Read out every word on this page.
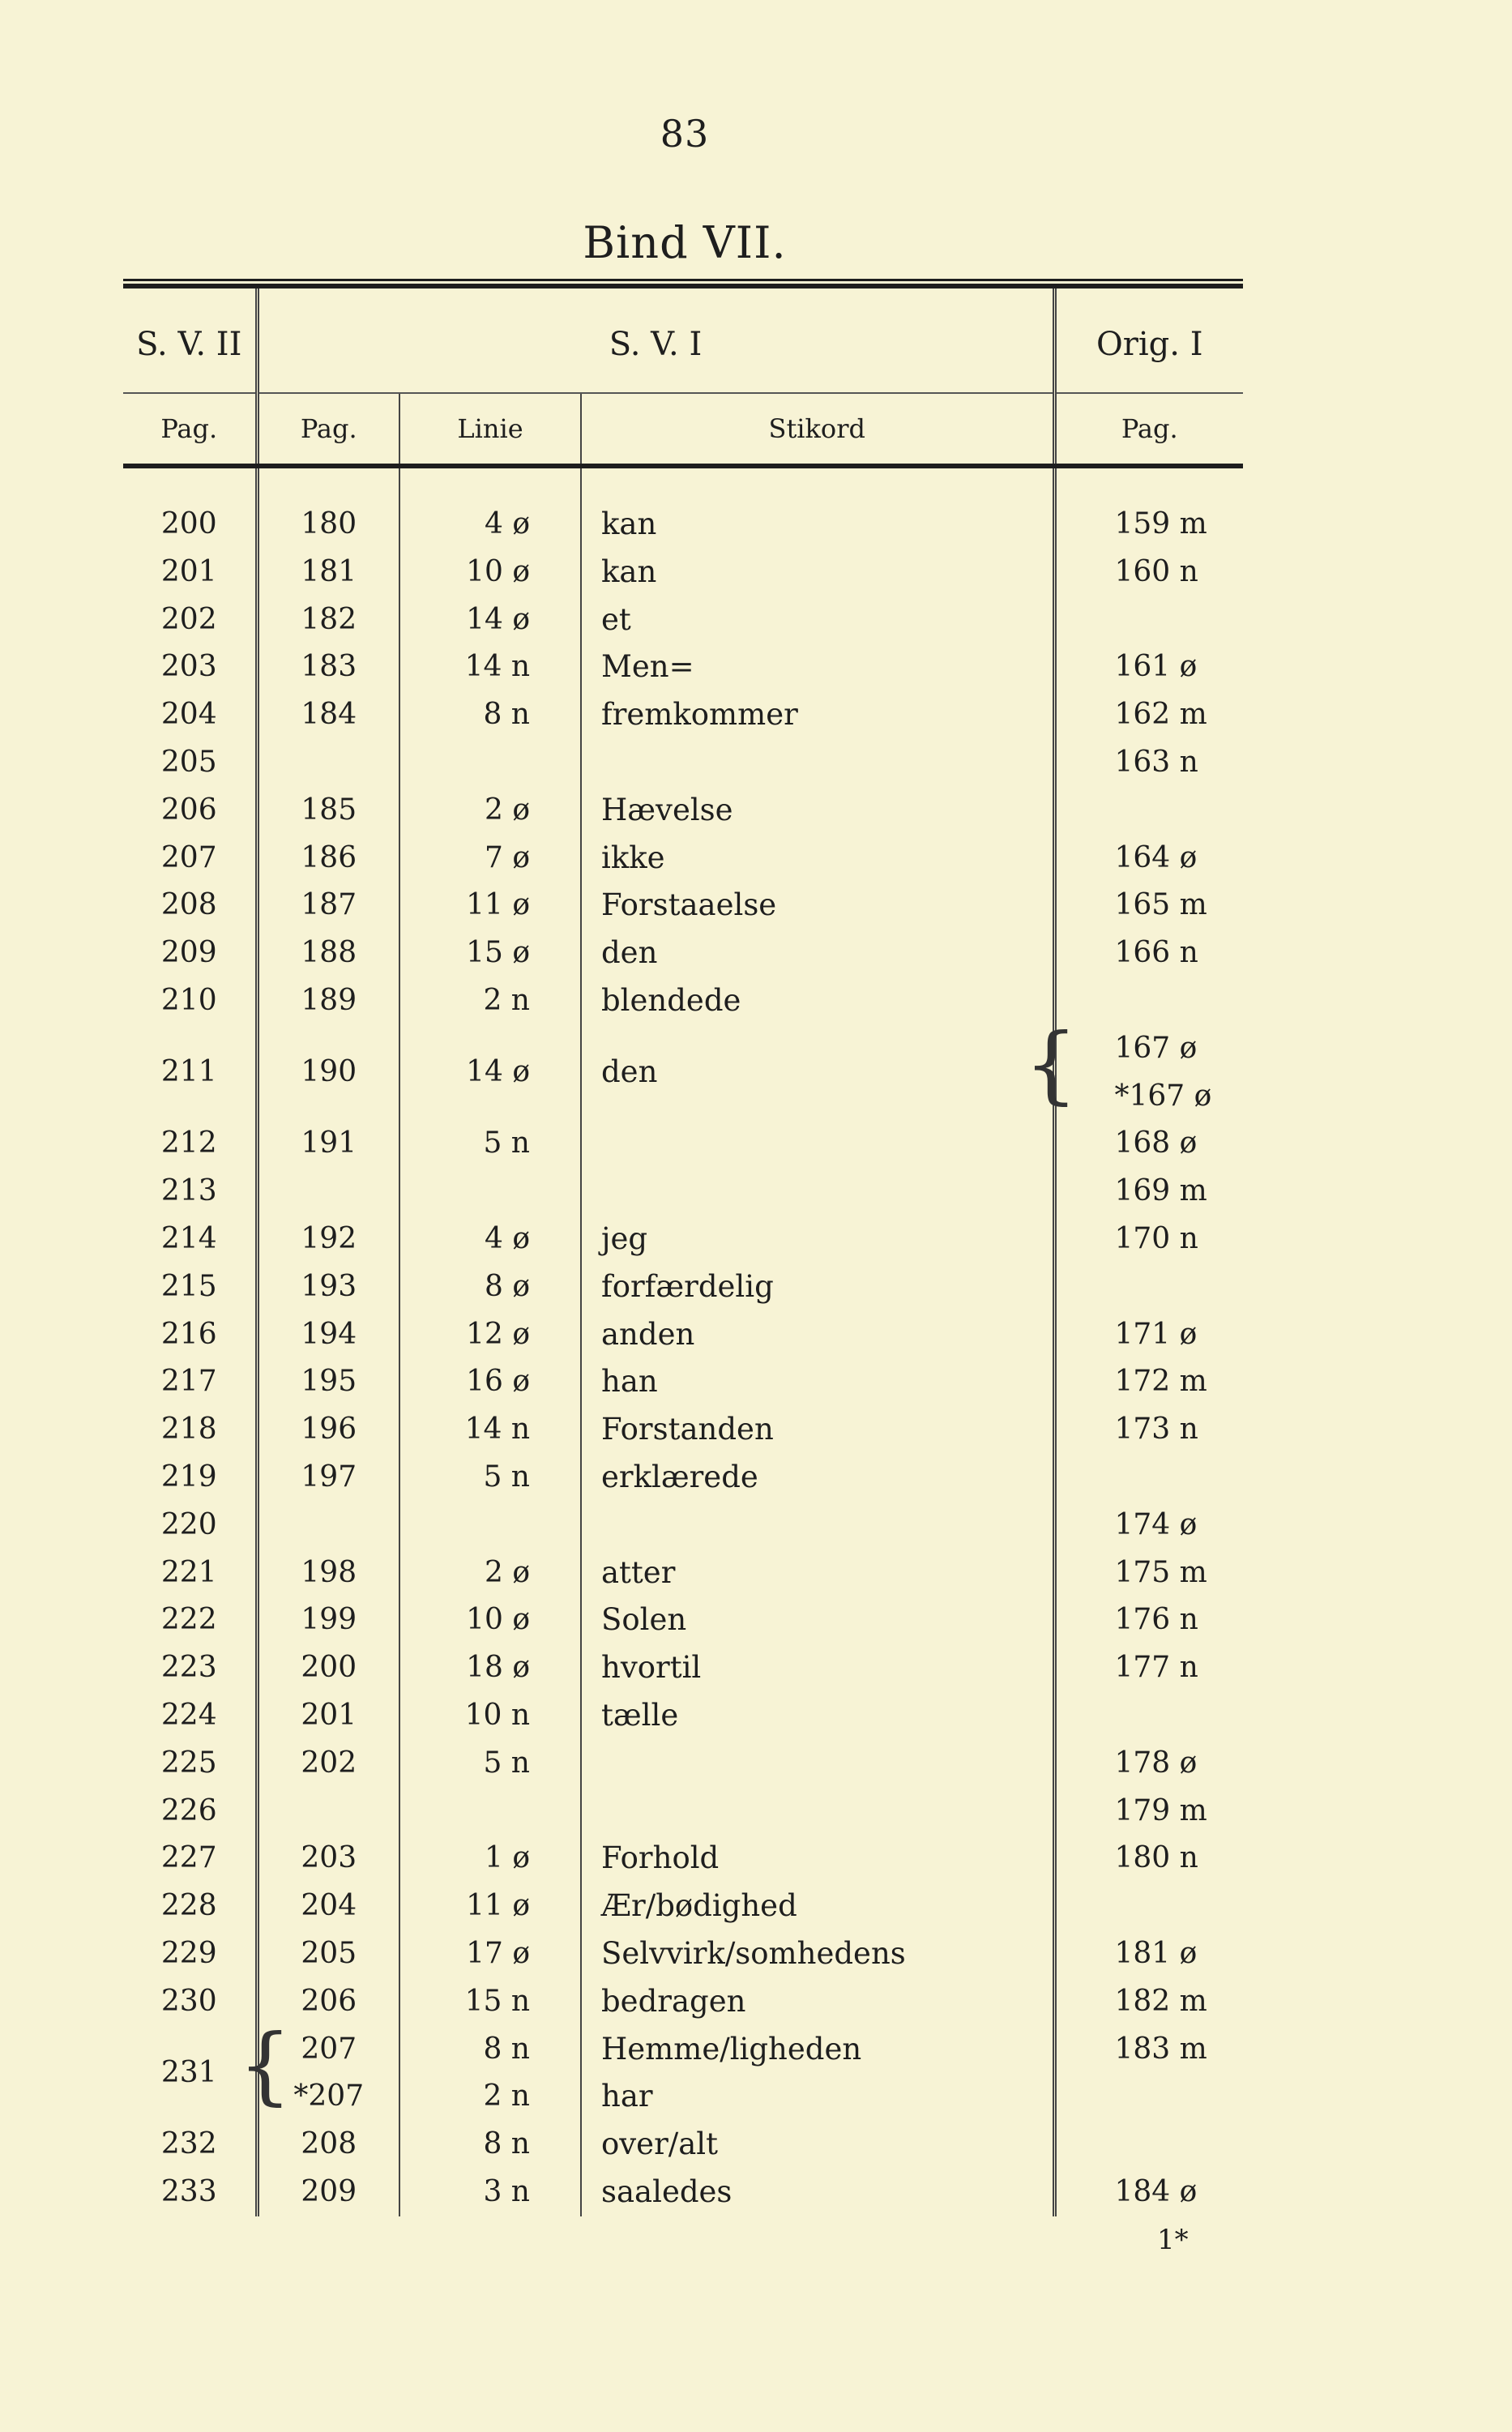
83
Bind VII.
S. V. II	S. V. I			Orig. I
Pag.	Pag.	Linie	Stikord	Pag.
200	180	4 ø	kan	159 m
201	181	10 ø	kan	160 n
202	182	14 ø	et	
203	183	14 n	Men=	161 ø
204	184	8 n	fremkommer	162 m
205				163 n
206	185	2 ø	Hævelse	
207	186	7 ø	ikke	164 ø
208	187	11 ø	Forstaaelse	165 m
209	188	15 ø	den	166 n
210	189	2 n	blendede	
211	190	14 ø	den	167 ø
				*167 ø
212	191	5 n		168 ø
213				169 m
214	192	4 ø	jeg	170 n
215	193	8 ø	forfærdelig	
216	194	12 ø	anden	171 ø
217	195	16 ø	han	172 m
218	196	14 n	Forstanden	173 n
219	197	5 n	erklærede	
220				174 ø
221	198	2 ø	atter	175 m
222	199	10 ø	Solen	176 n
223	200	18 ø	hvortil	177 n
224	201	10 n	tælle	
225	202	5 n		178 ø
226				179 m
227	203	1 ø	Forhold	180 n
228	204	11 ø	Ær/bødighed	
229	205	17 ø	Selvvirk/somhedens	181 ø
230	206	15 n	bedragen	182 m
231	207	8 n	Hemme/ligheden	183 m
	*207	2 n	har	
232	208	8 n	over/alt	
233	209	3 n	saaledes	184 ø
{
{
1*
